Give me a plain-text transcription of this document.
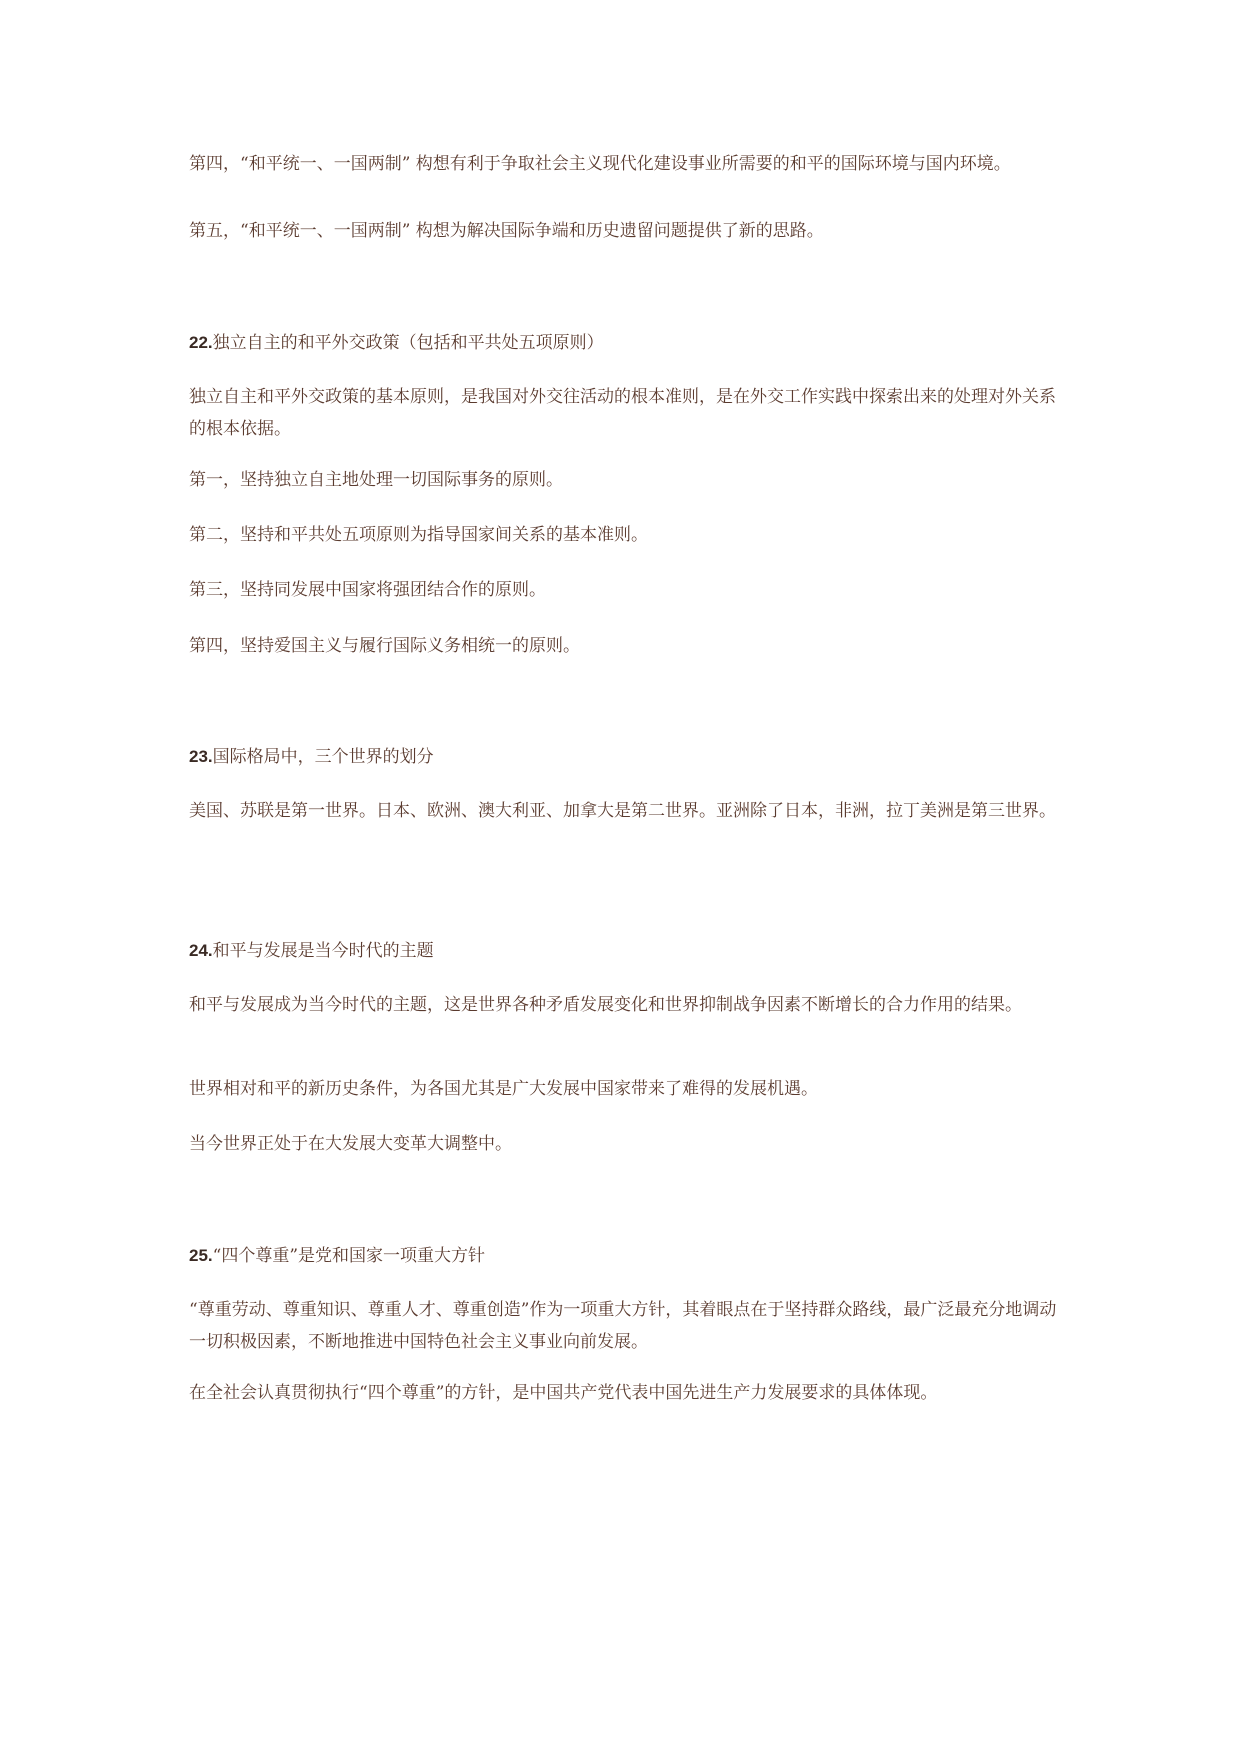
第四，“和平统一、一国两制” 构想有利于争取社会主义现代化建设事业所需要的和平的国际环境与国内环境。

第五，“和平统一、一国两制” 构想为解决国际争端和历史遗留问题提供了新的思路。

22.独立自主的和平外交政策（包括和平共处五项原则）

独立自主和平外交政策的基本原则，是我国对外交往活动的根本准则，是在外交工作实践中探索出来的处理对外关系的根本依据。

第一，坚持独立自主地处理一切国际事务的原则。

第二，坚持和平共处五项原则为指导国家间关系的基本准则。

第三，坚持同发展中国家将强团结合作的原则。

第四，坚持爱国主义与履行国际义务相统一的原则。

23.国际格局中，三个世界的划分

美国、苏联是第一世界。日本、欧洲、澳大利亚、加拿大是第二世界。亚洲除了日本，非洲，拉丁美洲是第三世界。

24.和平与发展是当今时代的主题

和平与发展成为当今时代的主题，这是世界各种矛盾发展变化和世界抑制战争因素不断增长的合力作用的结果。

世界相对和平的新历史条件，为各国尤其是广大发展中国家带来了难得的发展机遇。

当今世界正处于在大发展大变革大调整中。

25.“四个尊重”是党和国家一项重大方针

“尊重劳动、尊重知识、尊重人才、尊重创造”作为一项重大方针，其着眼点在于坚持群众路线，最广泛最充分地调动一切积极因素，不断地推进中国特色社会主义事业向前发展。

在全社会认真贯彻执行“四个尊重”的方针，是中国共产党代表中国先进生产力发展要求的具体体现。
